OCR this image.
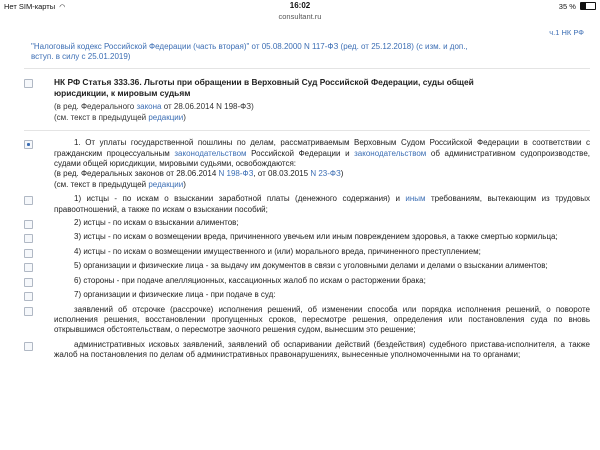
Нет SIM-карты ◠	16:02	35 %
consultant.ru
ч.1 НК РФ
"Налоговый кодекс Российской Федерации (часть вторая)" от 05.08.2000 N 117-ФЗ (ред. от 25.12.2018) (с изм. и доп.,
вступ. в силу с 25.01.2019)
НК РФ Статья 333.36. Льготы при обращении в Верховный Суд Российской Федерации, суды общей
юрисдикции, к мировым судьям
(в ред. Федерального закона от 28.06.2014 N 198-ФЗ)
(см. текст в предыдущей редакции)
1. От уплаты государственной пошлины по делам, рассматриваемым Верховным Судом Российской Федерации в соответствии с гражданским процессуальным законодательством Российской Федерации и законодательством об административном судопроизводстве, судами общей юрисдикции, мировыми судьями, освобождаются:
(в ред. Федеральных законов от 28.06.2014 N 198-ФЗ, от 08.03.2015 N 23-ФЗ)
(см. текст в предыдущей редакции)
1) истцы - по искам о взыскании заработной платы (денежного содержания) и иным требованиям, вытекающим из трудовых правоотношений, а также по искам о взыскании пособий;
2) истцы - по искам о взыскании алиментов;
3) истцы - по искам о возмещении вреда, причиненного увечьем или иным повреждением здоровья, а также смертью кормильца;
4) истцы - по искам о возмещении имущественного и (или) морального вреда, причиненного преступлением;
5) организации и физические лица - за выдачу им документов в связи с уголовными делами и делами о взыскании алиментов;
6) стороны - при подаче апелляционных, кассационных жалоб по искам о расторжении брака;
7) организации и физические лица - при подаче в суд:
заявлений об отсрочке (рассрочке) исполнения решений, об изменении способа или порядка исполнения решений, о повороте исполнения решения, восстановлении пропущенных сроков, пересмотре решения, определения или постановления суда по вновь открывшимся обстоятельствам, о пересмотре заочного решения судом, вынесшим это решение;
административных исковых заявлений, заявлений об оспаривании действий (бездействия) судебного пристава-исполнителя, а также жалоб на постановления по делам об административных правонарушениях, вынесенные уполномоченными на то органами;
